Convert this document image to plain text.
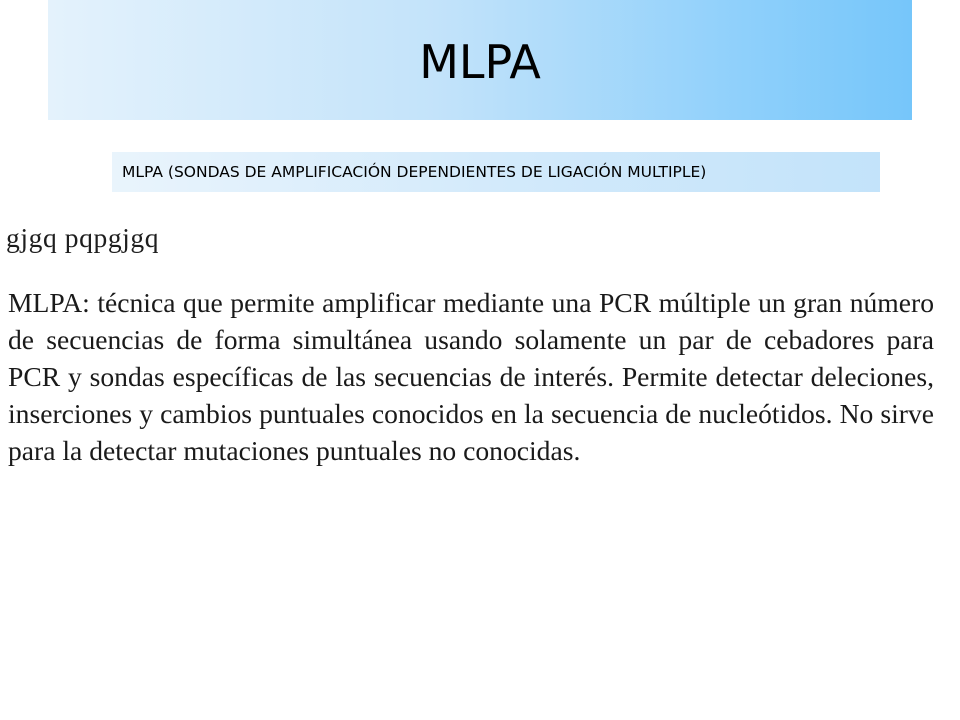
MLPA
MLPA (SONDAS DE AMPLIFICACIÓN DEPENDIENTES DE LIGACIÓN MULTIPLE)
gjgq pqpgjgq

MLPA: técnica que permite amplificar mediante una PCR múltiple un gran número de secuencias de forma simultánea usando solamente un par de cebadores para PCR y sondas específicas de las secuencias de interés. Permite detectar deleciones, inserciones y cambios puntuales conocidos en la secuencia de nucleótidos. No sirve para la detectar mutaciones puntuales no conocidas.
